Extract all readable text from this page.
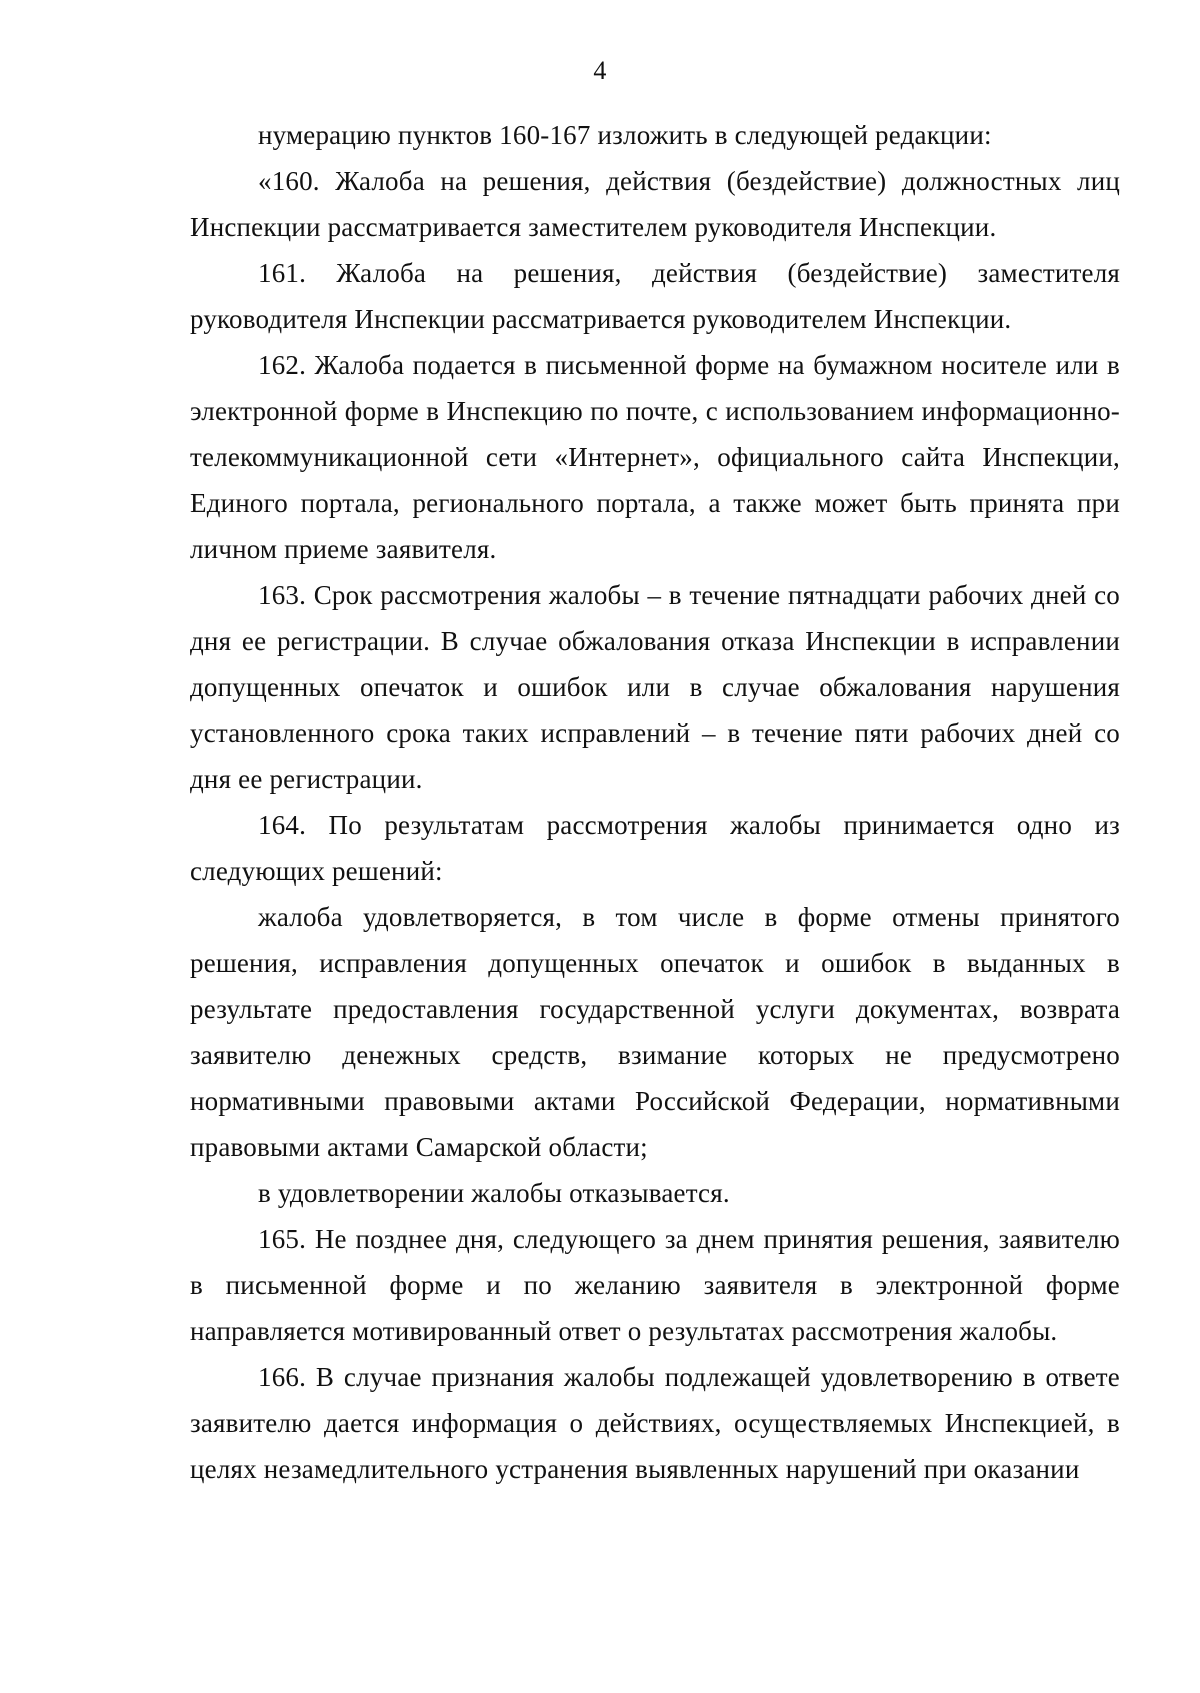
4

нумерацию пунктов 160-167 изложить в следующей редакции:

«160. Жалоба на решения, действия (бездействие) должностных лиц Инспекции рассматривается заместителем руководителя Инспекции.

161. Жалоба на решения, действия (бездействие) заместителя руководителя Инспекции рассматривается руководителем Инспекции.

162. Жалоба подается в письменной форме на бумажном носителе или в электронной форме в Инспекцию по почте, с использованием информационно-телекоммуникационной сети «Интернет», официального сайта Инспекции, Единого портала, регионального портала, а также может быть принята при личном приеме заявителя.

163. Срок рассмотрения жалобы – в течение пятнадцати рабочих дней со дня ее регистрации. В случае обжалования отказа Инспекции в исправлении допущенных опечаток и ошибок или в случае обжалования нарушения установленного срока таких исправлений – в течение пяти рабочих дней со дня ее регистрации.

164. По результатам рассмотрения жалобы принимается одно из следующих решений:

жалоба удовлетворяется, в том числе в форме отмены принятого решения, исправления допущенных опечаток и ошибок в выданных в результате предоставления государственной услуги документах, возврата заявителю денежных средств, взимание которых не предусмотрено нормативными правовыми актами Российской Федерации, нормативными правовыми актами Самарской области;

в удовлетворении жалобы отказывается.

165. Не позднее дня, следующего за днем принятия решения, заявителю в письменной форме и по желанию заявителя в электронной форме направляется мотивированный ответ о результатах рассмотрения жалобы.

166. В случае признания жалобы подлежащей удовлетворению в ответе заявителю дается информация о действиях, осуществляемых Инспекцией, в целях незамедлительного устранения выявленных нарушений при оказании
